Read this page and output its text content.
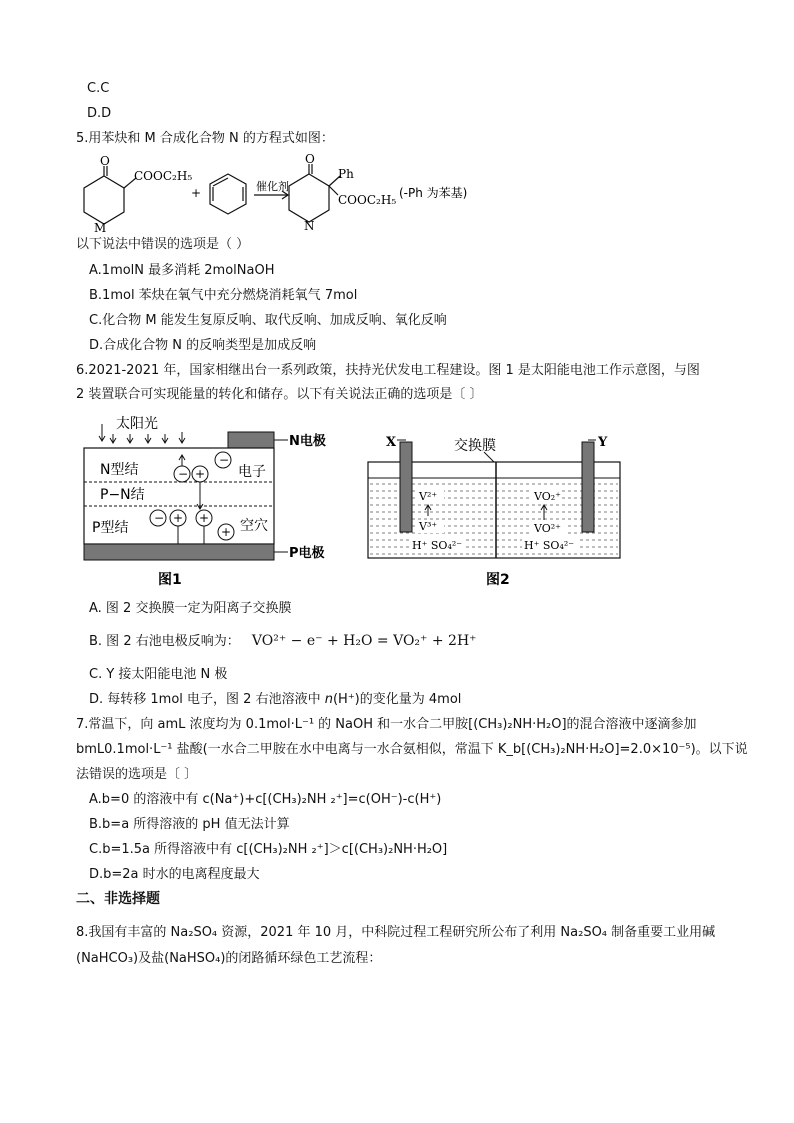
C.C
D.D
5.用苯炔和 M 合成化合物 N 的方程式如图：
O
COOC₂H₅
M
+	催化剂
O
Ph
COOC₂H₅
N
(-Ph 为苯基)
以下说法中错误的选项是（ ）
A.1molN 最多消耗 2molNaOH
B.1mol 苯炔在氧气中充分燃烧消耗氧气 7mol
C.化合物 M 能发生复原反响、取代反响、加成反响、氧化反响
D.合成化合物 N 的反响类型是加成反响
6.2021-2021 年，国家相继出台一系列政策，扶持光伏发电工程建设。图 1 是太阳能电池工作示意图，与图
2 装置联合可实现能量的转化和储存。以下有关说法正确的选项是〔 〕
太阳光
N电极
N型结	电子
P−N结
P型结	空穴
− +
−
− + +
+
P电极
图1
X	Y
交换膜
V²⁺
V³⁺
H⁺ SO₄²⁻
VO₂⁺
VO²⁺
H⁺ SO₄²⁻
图2
A. 图 2 交换膜一定为阳离子交换膜
B. 图 2 右池电极反响为： VO²⁺ − e⁻ + H₂O = VO₂⁺ + 2H⁺
C. Y 接太阳能电池 N 极
D. 每转移 1mol 电子，图 2 右池溶液中 n(H⁺)的变化量为 4mol
7.常温下，向 amL 浓度均为 0.1mol·L⁻¹ 的 NaOH 和一水合二甲胺[(CH₃)₂NH·H₂O]的混合溶液中逐滴参加
bmL0.1mol·L⁻¹ 盐酸(一水合二甲胺在水中电离与一水合氨相似，常温下 K_b[(CH₃)₂NH·H₂O]=2.0×10⁻⁵)。以下说
法错误的选项是〔 〕
A.b=0 的溶液中有 c(Na⁺)+c[(CH₃)₂NH ₂⁺]=c(OH⁻)-c(H⁺)
B.b=a 所得溶液的 pH 值无法计算
C.b=1.5a 所得溶液中有 c[(CH₃)₂NH ₂⁺]＞c[(CH₃)₂NH·H₂O]
D.b=2a 时水的电离程度最大
二、非选择题
8.我国有丰富的 Na₂SO₄ 资源，2021 年 10 月，中科院过程工程研究所公布了利用 Na₂SO₄ 制备重要工业用碱
(NaHCO₃)及盐(NaHSO₄)的闭路循环绿色工艺流程：
